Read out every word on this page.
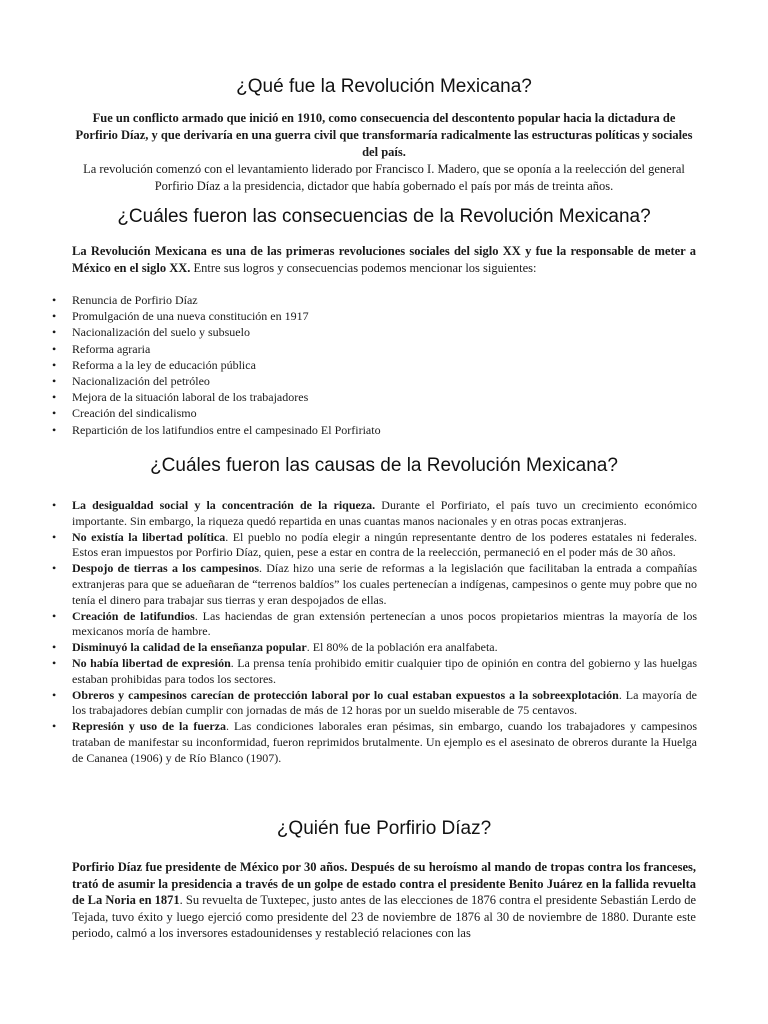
¿Qué fue la Revolución Mexicana?

Fue un conflicto armado que inició en 1910, como consecuencia del descontento popular hacia la dictadura de Porfirio Díaz, y que derivaría en una guerra civil que transformaría radicalmente las estructuras políticas y sociales del país.
La revolución comenzó con el levantamiento liderado por Francisco I. Madero, que se oponía a la reelección del general Porfirio Díaz a la presidencia, dictador que había gobernado el país por más de treinta años.

¿Cuáles fueron las consecuencias de la Revolución Mexicana?

La Revolución Mexicana es una de las primeras revoluciones sociales del siglo XX y fue la responsable de meter a México en el siglo XX. Entre sus logros y consecuencias podemos mencionar los siguientes:

• Renuncia de Porfirio Díaz
• Promulgación de una nueva constitución en 1917
• Nacionalización del suelo y subsuelo
• Reforma agraria
• Reforma a la ley de educación pública
• Nacionalización del petróleo
• Mejora de la situación laboral de los trabajadores
• Creación del sindicalismo
• Repartición de los latifundios entre el campesinado El Porfiriato
¿Cuáles fueron las causas de la Revolución Mexicana?
• La desigualdad social y la concentración de la riqueza. Durante el Porfiriato, el país tuvo un crecimiento económico importante. Sin embargo, la riqueza quedó repartida en unas cuantas manos nacionales y en otras pocas extranjeras.
• No existía la libertad política. El pueblo no podía elegir a ningún representante dentro de los poderes estatales ni federales. Estos eran impuestos por Porfirio Díaz, quien, pese a estar en contra de la reelección, permaneció en el poder más de 30 años.
• Despojo de tierras a los campesinos. Díaz hizo una serie de reformas a la legislación que facilitaban la entrada a compañías extranjeras para que se adueñaran de “terrenos baldíos” los cuales pertenecían a indígenas, campesinos o gente muy pobre que no tenía el dinero para trabajar sus tierras y eran despojados de ellas.
• Creación de latifundios. Las haciendas de gran extensión pertenecían a unos pocos propietarios mientras la mayoría de los mexicanos moría de hambre.
• Disminuyó la calidad de la enseñanza popular. El 80% de la población era analfabeta.
• No había libertad de expresión. La prensa tenía prohibido emitir cualquier tipo de opinión en contra del gobierno y las huelgas estaban prohibidas para todos los sectores.
• Obreros y campesinos carecían de protección laboral por lo cual estaban expuestos a la sobreexplotación. La mayoría de los trabajadores debían cumplir con jornadas de más de 12 horas por un sueldo miserable de 75 centavos.
• Represión y uso de la fuerza. Las condiciones laborales eran pésimas, sin embargo, cuando los trabajadores y campesinos trataban de manifestar su inconformidad, fueron reprimidos brutalmente. Un ejemplo es el asesinato de obreros durante la Huelga de Cananea (1906) y de Río Blanco (1907).
¿Quién fue Porfirio Díaz?

Porfirio Díaz fue presidente de México por 30 años. Después de su heroísmo al mando de tropas contra los franceses, trató de asumir la presidencia a través de un golpe de estado contra el presidente Benito Juárez en la fallida revuelta de La Noria en 1871. Su revuelta de Tuxtepec, justo antes de las elecciones de 1876 contra el presidente Sebastián Lerdo de Tejada, tuvo éxito y luego ejerció como presidente del 23 de noviembre de 1876 al 30 de noviembre de 1880. Durante este periodo, calmó a los inversores estadounidenses y restableció relaciones con las
